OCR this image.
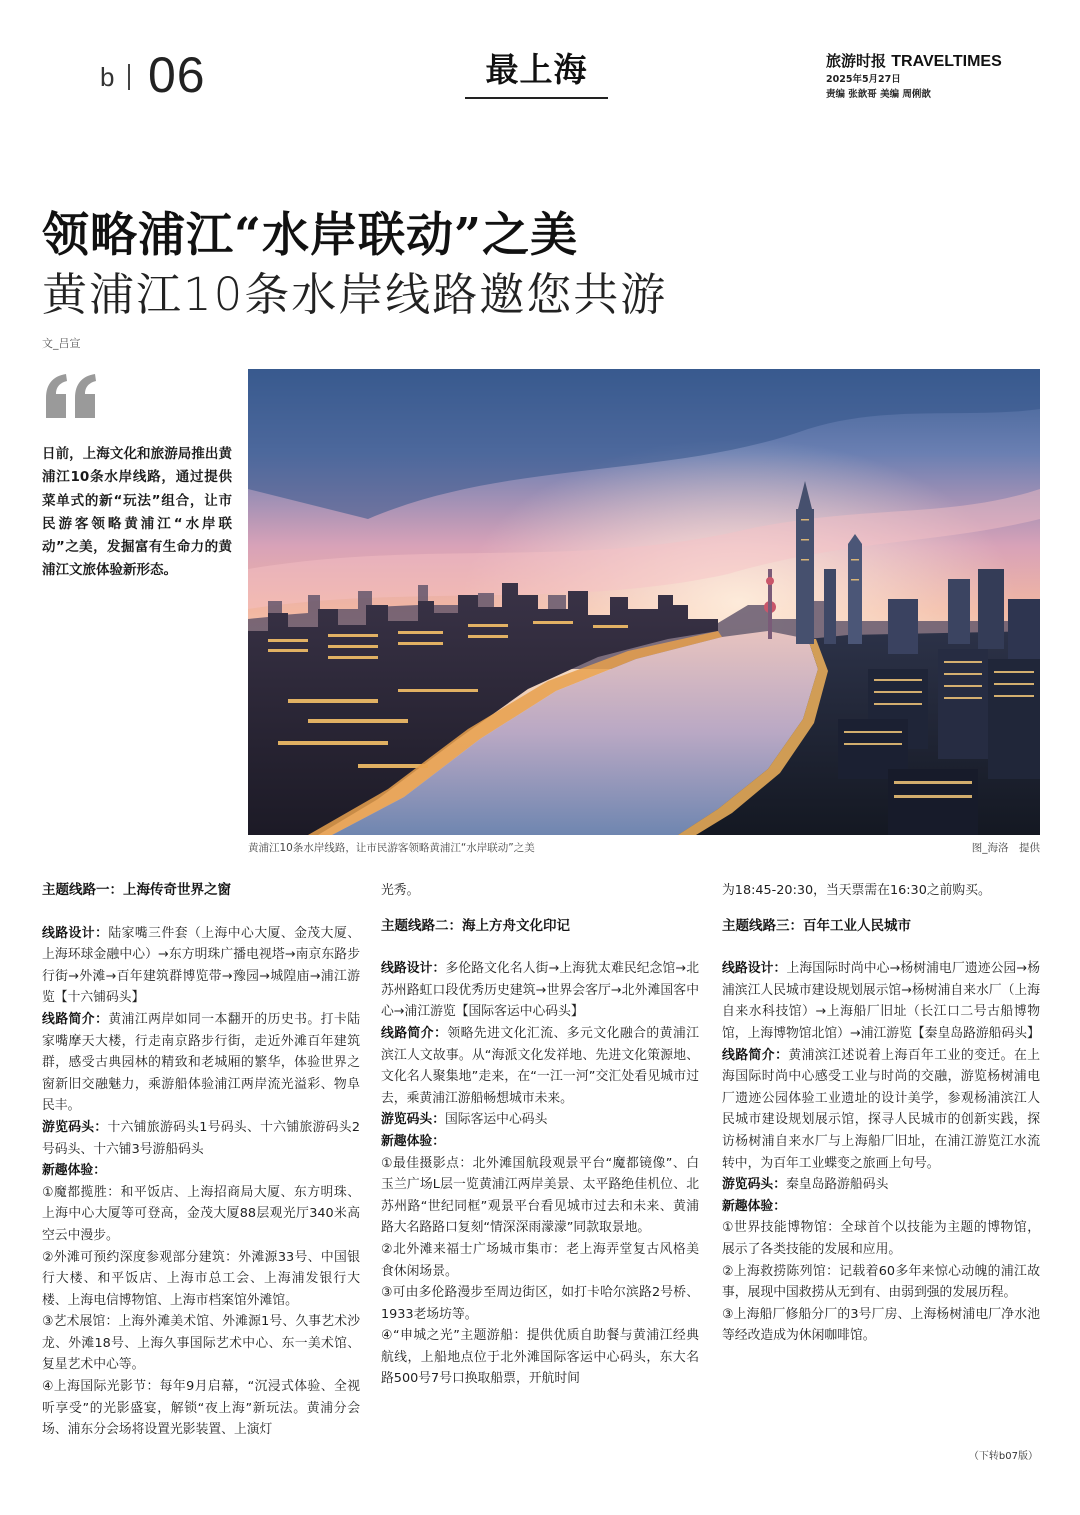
b 06	最上海	旅游时报 TRAVELTIMES
2025年5月27日
责编 张歆哥 美编 周俐歆
领略浦江“水岸联动”之美
黄浦江10条水岸线路邀您共游
文_吕宣
日前，上海文化和旅游局推出黄浦江10条水岸线路，通过提供菜单式的新“玩法”组合，让市民游客领略黄浦江“水岸联动”之美，发掘富有生命力的黄浦江文旅体验新形态。
黄浦江10条水岸线路，让市民游客领略黄浦江“水岸联动”之美	图_海洛　提供

主题线路一：上海传奇世界之窗

线路设计：陆家嘴三件套（上海中心大厦、金茂大厦、上海环球金融中心）→东方明珠广播电视塔→南京东路步行街→外滩→百年建筑群博览带→豫园→城隍庙→浦江游览【十六铺码头】

线路简介：黄浦江两岸如同一本翻开的历史书。打卡陆家嘴摩天大楼，行走南京路步行街，走近外滩百年建筑群，感受古典园林的精致和老城厢的繁华，体验世界之窗新旧交融魅力，乘游船体验浦江两岸流光溢彩、物阜民丰。

游览码头：十六铺旅游码头1号码头、十六铺旅游码头2号码头、十六铺3号游船码头

新趣体验：

①魔都揽胜：和平饭店、上海招商局大厦、东方明珠、上海中心大厦等可登高，金茂大厦88层观光厅340米高空云中漫步。

②外滩可预约深度参观部分建筑：外滩源33号、中国银行大楼、和平饭店、上海市总工会、上海浦发银行大楼、上海电信博物馆、上海市档案馆外滩馆。

③艺术展馆：上海外滩美术馆、外滩源1号、久事艺术沙龙、外滩18号、上海久事国际艺术中心、东一美术馆、复星艺术中心等。

④上海国际光影节：每年9月启幕，“沉浸式体验、全视听享受”的光影盛宴，解锁“夜上海”新玩法。黄浦分会场、浦东分会场将设置光影装置、上演灯

光秀。

主题线路二：海上方舟文化印记

线路设计：多伦路文化名人街→上海犹太难民纪念馆→北苏州路虹口段优秀历史建筑→世界会客厅→北外滩国客中心→浦江游览【国际客运中心码头】

线路简介：领略先进文化汇流、多元文化融合的黄浦江滨江人文故事。从“海派文化发祥地、先进文化策源地、文化名人聚集地”走来，在“一江一河”交汇处看见城市过去，乘黄浦江游船畅想城市未来。

游览码头：国际客运中心码头

新趣体验：

①最佳摄影点：北外滩国航段观景平台“魔都镜像”、白玉兰广场L层一览黄浦江两岸美景、太平路绝佳机位、北苏州路“世纪同框”观景平台看见城市过去和未来、黄浦路大名路路口复刻“情深深雨濛濛”同款取景地。

②北外滩来福士广场城市集市：老上海弄堂复古风格美食休闲场景。

③可由多伦路漫步至周边街区，如打卡哈尔滨路2号桥、1933老场坊等。

④“申城之光”主题游船：提供优质自助餐与黄浦江经典航线，上船地点位于北外滩国际客运中心码头，东大名路500号7号口换取船票，开航时间

为18:45-20:30，当天票需在16:30之前购买。

主题线路三：百年工业人民城市

线路设计：上海国际时尚中心→杨树浦电厂遗迹公园→杨浦滨江人民城市建设规划展示馆→杨树浦自来水厂（上海自来水科技馆）→上海船厂旧址（长江口二号古船博物馆，上海博物馆北馆）→浦江游览【秦皇岛路游船码头】

线路简介：黄浦滨江述说着上海百年工业的变迁。在上海国际时尚中心感受工业与时尚的交融，游览杨树浦电厂遗迹公园体验工业遗址的设计美学，参观杨浦滨江人民城市建设规划展示馆，探寻人民城市的创新实践，探访杨树浦自来水厂与上海船厂旧址，在浦江游览江水流转中，为百年工业蝶变之旅画上句号。

游览码头：秦皇岛路游船码头

新趣体验：

①世界技能博物馆：全球首个以技能为主题的博物馆，展示了各类技能的发展和应用。

②上海救捞陈列馆：记载着60多年来惊心动魄的浦江故事，展现中国救捞从无到有、由弱到强的发展历程。

③上海船厂修船分厂的3号厂房、上海杨树浦电厂净水池等经改造成为休闲咖啡馆。

（下转b07版）
